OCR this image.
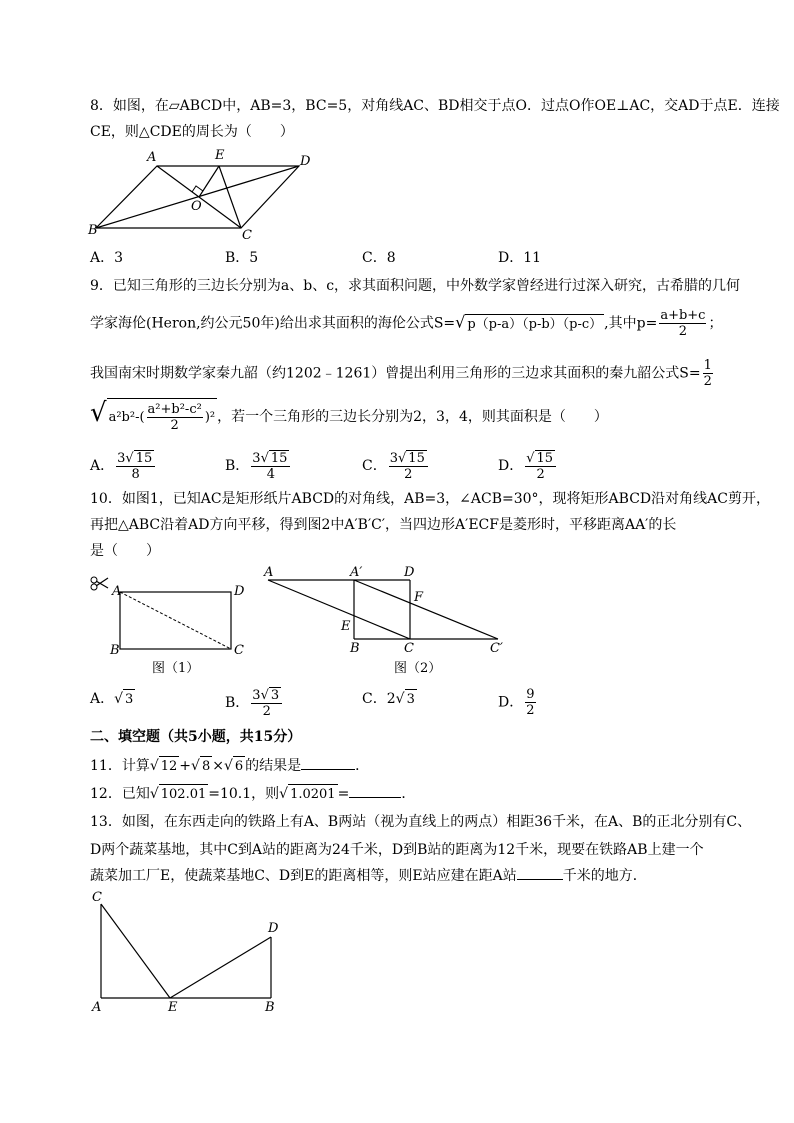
8．如图，在▱ABCD中，AB=3，BC=5，对角线AC、BD相交于点O．过点O作OE⊥AC，交AD于点E．连接
CE，则△CDE的周长为（　　）
A	E	D
O
B	C
A．3	B．5	C．8	D．11
9．已知三角形的三边长分别为a、b、c，求其面积问题，中外数学家曾经进行过深入研究，古希腊的几何
学家海伦(Heron,约公元50年)给出求其面积的海伦公式S=√ p（p-a）（p-b）（p-c） ,其中$p= \frac{a+b+c}{2}$ ；
我国南宋时期数学家秦九韶（约1202﹣1261）曾提出利用三角形的三边求其面积的秦九韶公式$S= \frac{1}{2}$
√ $a^2b^2-( \frac{\text{a²+b²-c²}}{2} )^2$ ，若一个三角形的三边长分别为2，3，4，则其面积是（　　）
A． $\frac{3√ 15}{8}$	B． $\frac{3√ 15}{4}$	C． $\frac{3√ 15}{2}$	D． $\frac{√ 15}{2}$
10．如图1，已知AC是矩形纸片ABCD的对角线，AB=3，∠ACB=30°，现将矩形ABCD沿对角线AC剪开，
再把△ABC沿着AD方向平移，得到图2中A′B′C′，当四边形A′ECF是菱形时，平移距离AA′的长
是（　　）
A	D
B	C
图（1）
A	A′	D
F
E
B	C	C′
图（2）
A．√ 3	B． $\frac{3√ 3}{2}$	C．2√ 3	D． $\frac{9}{2}$
二、填空题（共5小题，共15分）
11．计算√ 12 +√ 8 ×√ 6 的结果是	．
12．已知√ 102.01 =10.1，则√ 1.0201 =	．
13．如图，在东西走向的铁路上有A、B两站（视为直线上的两点）相距36千米，在A、B的正北分别有C、
D两个蔬菜基地，其中C到A站的距离为24千米，D到B站的距离为12千米，现要在铁路AB上建一个
蔬菜加工厂E，使蔬菜基地C、D到E的距离相等，则E站应建在距A站	千米的地方．
C
D
A	E	B
